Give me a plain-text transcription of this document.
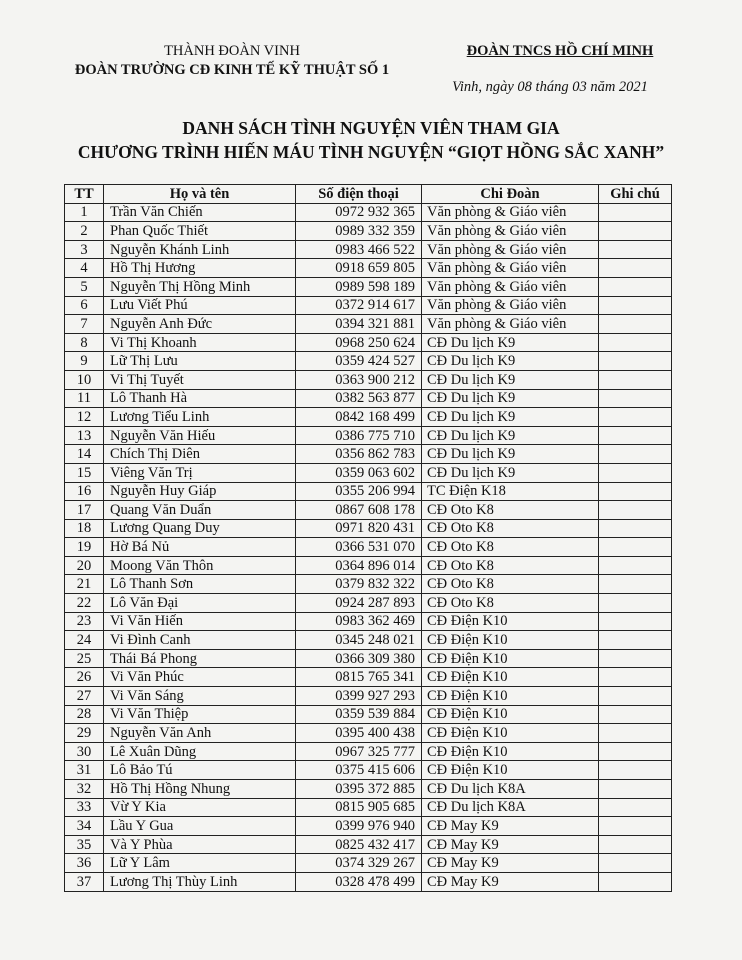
THÀNH ĐOÀN VINH
ĐOÀN TRƯỜNG CĐ KINH TẾ KỸ THUẬT SỐ 1
ĐOÀN TNCS HỒ CHÍ MINH
Vinh, ngày 08 tháng 03 năm 2021
DANH SÁCH TÌNH NGUYỆN VIÊN THAM GIA
CHƯƠNG TRÌNH HIẾN MÁU TÌNH NGUYỆN “GIỌT HỒNG SẮC XANH”
TT	Họ và tên	Số điện thoại	Chi Đoàn	Ghi chú
1	Trần Văn Chiến	0972 932 365	Văn phòng & Giáo viên	
2	Phan Quốc Thiết	0989 332 359	Văn phòng & Giáo viên	
3	Nguyễn Khánh Linh	0983 466 522	Văn phòng & Giáo viên	
4	Hồ Thị Hương	0918 659 805	Văn phòng & Giáo viên	
5	Nguyễn Thị Hồng Minh	0989 598 189	Văn phòng & Giáo viên	
6	Lưu Viết Phú	0372 914 617	Văn phòng & Giáo viên	
7	Nguyễn Anh Đức	0394 321 881	Văn phòng & Giáo viên	
8	Vi Thị Khoanh	0968 250 624	CĐ Du lịch K9	
9	Lữ Thị Lưu	0359 424 527	CĐ Du lịch K9	
10	Vi Thị Tuyết	0363 900 212	CĐ Du lịch K9	
11	Lô Thanh Hà	0382 563 877	CĐ Du lịch K9	
12	Lương Tiểu Linh	0842 168 499	CĐ Du lịch K9	
13	Nguyễn Văn Hiếu	0386 775 710	CĐ Du lịch K9	
14	Chích Thị Diên	0356 862 783	CĐ Du lịch K9	
15	Viêng Văn Trị	0359 063 602	CĐ Du lịch K9	
16	Nguyễn Huy Giáp	0355 206 994	TC Điện K18	
17	Quang Văn Duẩn	0867 608 178	CĐ Oto K8	
18	Lương Quang Duy	0971 820 431	CĐ Oto K8	
19	Hờ Bá Nủ	0366 531 070	CĐ Oto K8	
20	Moong Văn Thôn	0364 896 014	CĐ Oto K8	
21	Lô Thanh Sơn	0379 832 322	CĐ Oto K8	
22	Lô Văn Đại	0924 287 893	CĐ Oto K8	
23	Vi Văn Hiến	0983 362 469	CĐ Điện K10	
24	Vi Đình Canh	0345 248 021	CĐ Điện K10	
25	Thái Bá Phong	0366 309 380	CĐ Điện K10	
26	Vi Văn Phúc	0815 765 341	CĐ Điện K10	
27	Vi Văn Sáng	0399 927 293	CĐ Điện K10	
28	Vi Văn Thiệp	0359 539 884	CĐ Điện K10	
29	Nguyễn Văn Anh	0395 400 438	CĐ Điện K10	
30	Lê Xuân Dũng	0967 325 777	CĐ Điện K10	
31	Lô Bảo Tú	0375 415 606	CĐ Điện K10	
32	Hồ Thị Hồng Nhung	0395 372 885	CĐ Du lịch K8A	
33	Vừ Y Kia	0815 905 685	CĐ Du lịch K8A	
34	Lầu Y Gua	0399 976 940	CĐ May K9	
35	Và Y Phùa	0825 432 417	CĐ May K9	
36	Lữ Y Lâm	0374 329 267	CĐ May K9	
37	Lương Thị Thùy Linh	0328 478 499	CĐ May K9	
